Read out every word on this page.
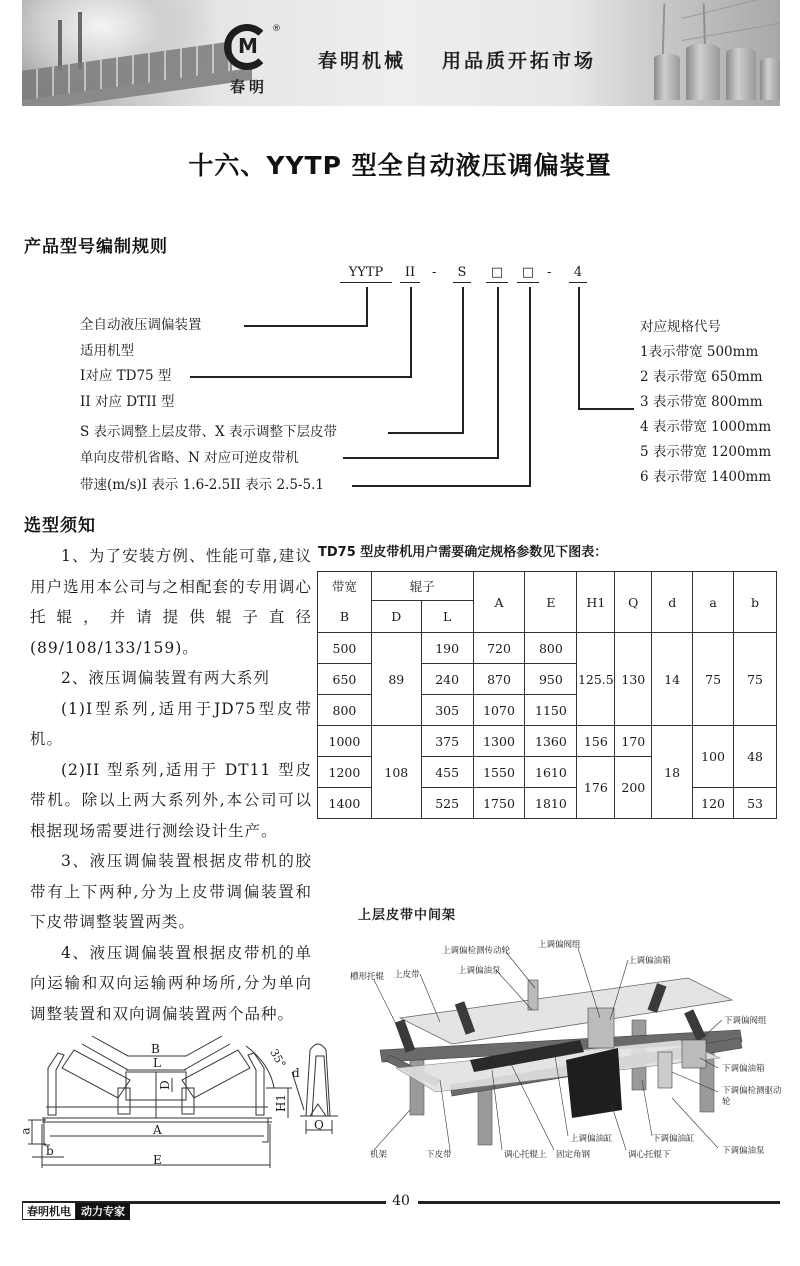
M
®
春明
春明机械 用品质开拓市场
十六、YYTP 型全自动液压调偏装置
产品型号编制规则
YYTP	II	-	S	□	□ -	4
全自动液压调偏装置
适用机型
I对应 TD75 型
II 对应 DTII 型
S 表示调整上层皮带、X 表示调整下层皮带
单向皮带机省略、N 对应可逆皮带机
带速(m/s)I 表示 1.6-2.5II 表示 2.5-5.1
对应规格代号
1表示带宽 500mm
2 表示带宽 650mm
3 表示带宽 800mm
4 表示带宽 1000mm
5 表示带宽 1200mm
6 表示带宽 1400mm
选型须知

1、为了安装方例、性能可靠,建议用户选用本公司与之相配套的专用调心托辊，并请提供辊子直径(89/108/133/159)。

2、液压调偏装置有两大系列

(1)I型系列,适用于JD75型皮带机。

(2)II 型系列,适用于 DT11 型皮带机。除以上两大系列外,本公司可以根据现场需要进行测绘设计生产。

3、液压调偏装置根据皮带机的胶带有上下两种,分为上皮带调偏装置和下皮带调整装置两类。

4、液压调偏装置根据皮带机的单向运输和双向运输两种场所,分为单向调整装置和双向调偏装置两个品种。

TD75 型皮带机用户需要确定规格参数见下图表：
带宽	辊子		A	E	H1	Q	d	a	b
B	D	L							
500	89	190	720	800	125.5	130	14	75	75
650		240	870	950					
800		305	1070	1150					
1000	108	375	1300	1360	156	170	18	100	48
1200		455	1550	1610	176	200			
1400		525	1750	1810				120	53
B
L
D
H1
A
E
a
b
35°
d
Q
上层皮带中间架
槽形托辊 上皮带
上调偏检测传动轮
上调偏油泵
上调偏阀组
上调偏油箱
下调偏阀组
下调偏油箱
下调偏检测驱动轮
机架	下皮带	调心托辊上 固定角钢
上调偏油缸
调心托辊下
下调偏油缸
下调偏油泵
40
春明机电 动力专家
